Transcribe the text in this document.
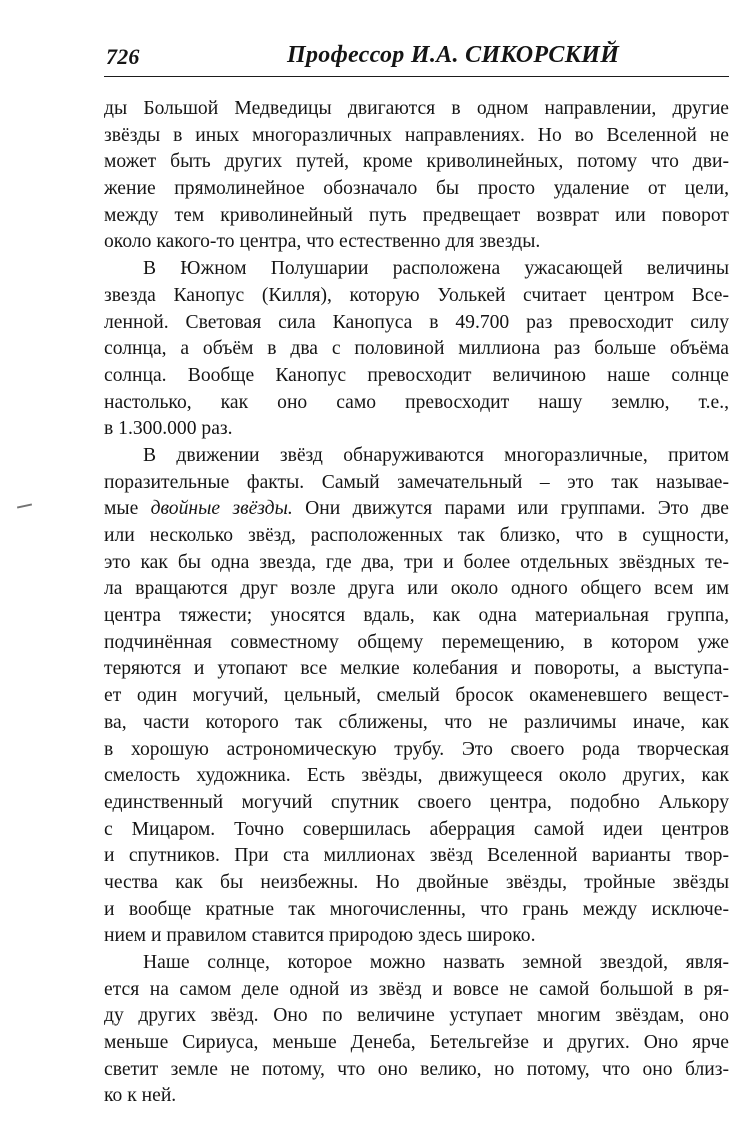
726	Профессор И.А. СИКОРСКИЙ
ды Большой Медведицы двигаются в одном направлении, другие
звёзды в иных многоразличных направлениях. Но во Вселенной не
может быть других путей, кроме криволинейных, потому что дви-
жение прямолинейное обозначало бы просто удаление от цели,
между тем криволинейный путь предвещает возврат или поворот
около какого-то центра, что естественно для звезды.
В Южном Полушарии расположена ужасающей величины
звезда Канопус (Килля), которую Уолькей считает центром Все-
ленной. Световая сила Канопуса в 49.700 раз превосходит силу
солнца, а объём в два с половиной миллиона раз больше объёма
солнца. Вообще Канопус превосходит величиною наше солнце
настолько, как оно само превосходит нашу землю, т.е.,
в 1.300.000 раз.
В движении звёзд обнаруживаются многоразличные, притом
поразительные факты. Самый замечательный – это так называе-
мые двойные звёзды. Они движутся парами или группами. Это две
или несколько звёзд, расположенных так близко, что в сущности,
это как бы одна звезда, где два, три и более отдельных звёздных те-
ла вращаются друг возле друга или около одного общего всем им
центра тяжести; уносятся вдаль, как одна материальная группа,
подчинённая совместному общему перемещению, в котором уже
теряются и утопают все мелкие колебания и повороты, а выступа-
ет один могучий, цельный, смелый бросок окаменевшего вещест-
ва, части которого так сближены, что не различимы иначе, как
в хорошую астрономическую трубу. Это своего рода творческая
смелость художника. Есть звёзды, движущееся около других, как
единственный могучий спутник своего центра, подобно Алькору
с Мицаром. Точно совершилась аберрация самой идеи центров
и спутников. При ста миллионах звёзд Вселенной варианты твор-
чества как бы неизбежны. Но двойные звёзды, тройные звёзды
и вообще кратные так многочисленны, что грань между исключе-
нием и правилом ставится природою здесь широко.
Наше солнце, которое можно назвать земной звездой, явля-
ется на самом деле одной из звёзд и вовсе не самой большой в ря-
ду других звёзд. Оно по величине уступает многим звёздам, оно
меньше Сириуса, меньше Денеба, Бетельгейзе и других. Оно ярче
светит земле не потому, что оно велико, но потому, что оно близ-
ко к ней.
